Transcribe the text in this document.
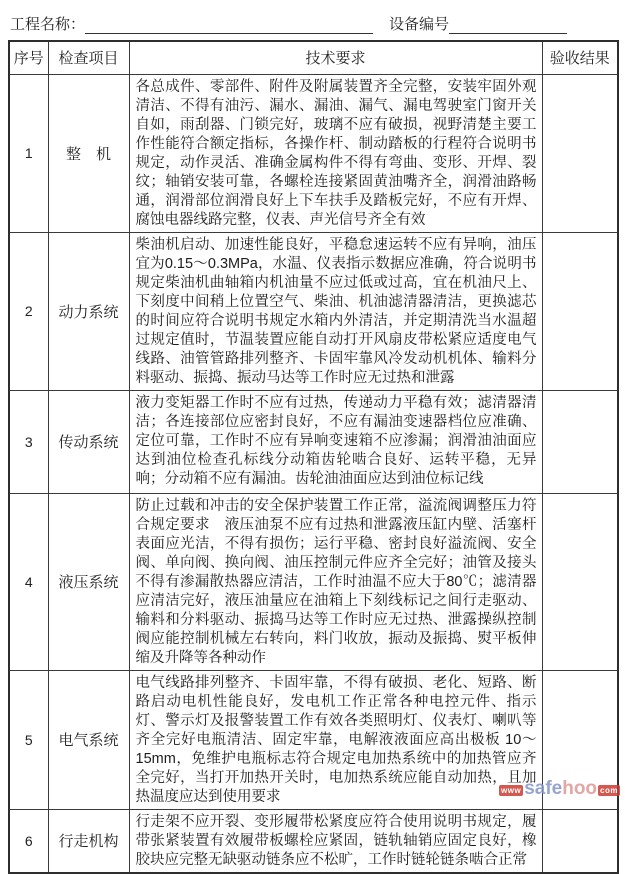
工程名称：	设备编号
序号	检查项目	技术要求	验收结果
1	整　机	各总成件、零部件、附件及附属装置齐全完整，安装牢固外观清洁、不得有油污、漏水、漏油、漏气、漏电驾驶室门窗开关自如，雨刮器、门锁完好，玻璃不应有破损，视野清楚主要工作性能符合额定指标，各操作杆、制动踏板的行程符合说明书规定，动作灵活、准确金属构件不得有弯曲、变形、开焊、裂纹；轴销安装可靠，各螺栓连接紧固黄油嘴齐全，润滑油路畅通，润滑部位润滑良好上下车扶手及踏板完好，不应有开焊、腐蚀电器线路完整，仪表、声光信号齐全有效	
2	动力系统	柴油机启动、加速性能良好，平稳怠速运转不应有异响，油压宜为0.15～0.3MPa，水温、仪表指示数据应准确，符合说明书规定柴油机曲轴箱内机油量不应过低或过高，宜在机油尺上、下刻度中间稍上位置空气、柴油、机油滤清器清洁，更换滤芯的时间应符合说明书规定水箱内外清洁，并定期清洗当水温超过规定值时，节温装置应能自动打开风扇皮带松紧应适度电气线路、油管管路排列整齐、卡固牢靠风冷发动机机体、输料分料驱动、振捣、振动马达等工作时应无过热和泄露	
3	传动系统	液力变矩器工作时不应有过热，传递动力平稳有效；滤清器清洁；各连接部位应密封良好，不应有漏油变速器档位应准确、定位可靠，工作时不应有异响变速箱不应渗漏；润滑油油面应达到油位检查孔标线分动箱齿轮啮合良好、运转平稳，无异响；分动箱不应有漏油。齿轮油油面应达到油位标记线	
4	液压系统	防止过载和冲击的安全保护装置工作正常，溢流阀调整压力符合规定要求　液压油泵不应有过热和泄露液压缸内壁、活塞杆表面应光洁，不得有损伤；运行平稳、密封良好溢流阀、安全阀、单向阀、换向阀、油压控制元件应齐全完好；油管及接头不得有渗漏散热器应清洁，工作时油温不应大于80℃；滤清器应清洁完好，液压油量应在油箱上下刻线标记之间行走驱动、输料和分料驱动、振捣马达等工作时应无过热、泄露操纵控制阀应能控制机械左右转向，料门收放，振动及振捣、熨平板伸缩及升降等各种动作	
5	电气系统	电气线路排列整齐、卡固牢靠，不得有破损、老化、短路、断路启动电机性能良好，发电机工作正常各种电控元件、指示灯、警示灯及报警装置工作有效各类照明灯、仪表灯、喇叭等齐全完好电瓶清洁、固定牢靠，电解液液面应高出极板 10～15mm，免维护电瓶标志符合规定电加热系统中的加热管应齐全完好，当打开加热开关时，电加热系统应能自动加热，且加热温度应达到使用要求	
6	行走机构	行走架不应开裂、变形履带松紧度应符合使用说明书规定，履带张紧装置有效履带板螺栓应紧固，链轨轴销应固定良好，橡胶块应完整无缺驱动链条应不松旷，工作时链轮链条啮合正常	
www safe hoo com
